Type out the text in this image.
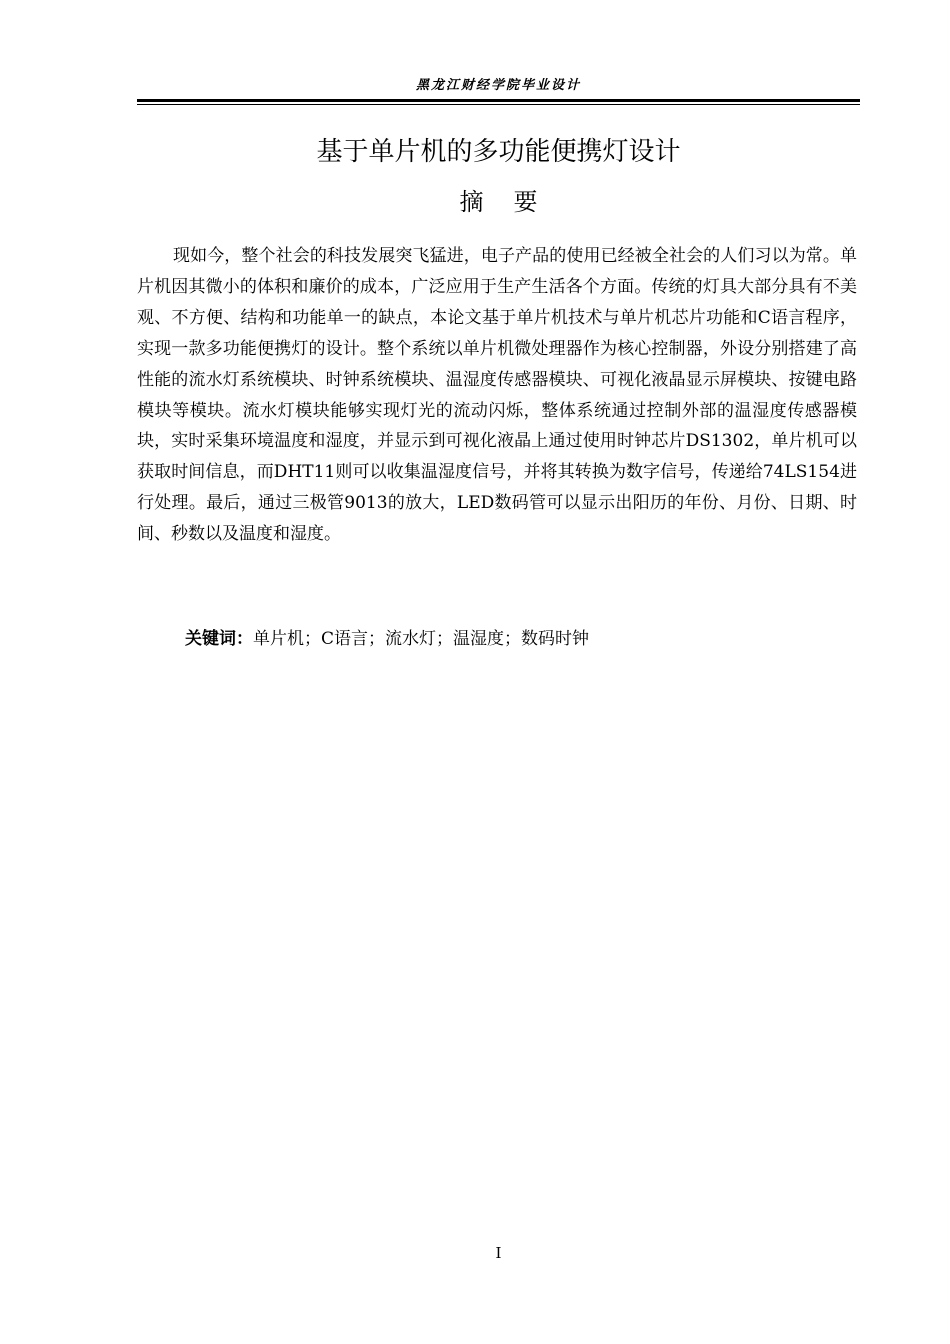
黑龙江财经学院毕业设计
基于单片机的多功能便携灯设计
摘要

现如今，整个社会的科技发展突飞猛进，电子产品的使用已经被全社会的人们习以为常。单片机因其微小的体积和廉价的成本，广泛应用于生产生活各个方面。传统的灯具大部分具有不美观、不方便、结构和功能单一的缺点，本论文基于单片机技术与单片机芯片功能和C语言程序，实现一款多功能便携灯的设计。整个系统以单片机微处理器作为核心控制器，外设分别搭建了高性能的流水灯系统模块、时钟系统模块、温湿度传感器模块、可视化液晶显示屏模块、按键电路模块等模块。流水灯模块能够实现灯光的流动闪烁，整体系统通过控制外部的温湿度传感器模块，实时采集环境温度和湿度，并显示到可视化液晶上通过使用时钟芯片DS1302，单片机可以获取时间信息，而DHT11则可以收集温湿度信号，并将其转换为数字信号，传递给74LS154进行处理。最后，通过三极管9013的放大，LED数码管可以显示出阳历的年份、月份、日期、时间、秒数以及温度和湿度。

关键词：单片机；C语言；流水灯；温湿度；数码时钟
I
